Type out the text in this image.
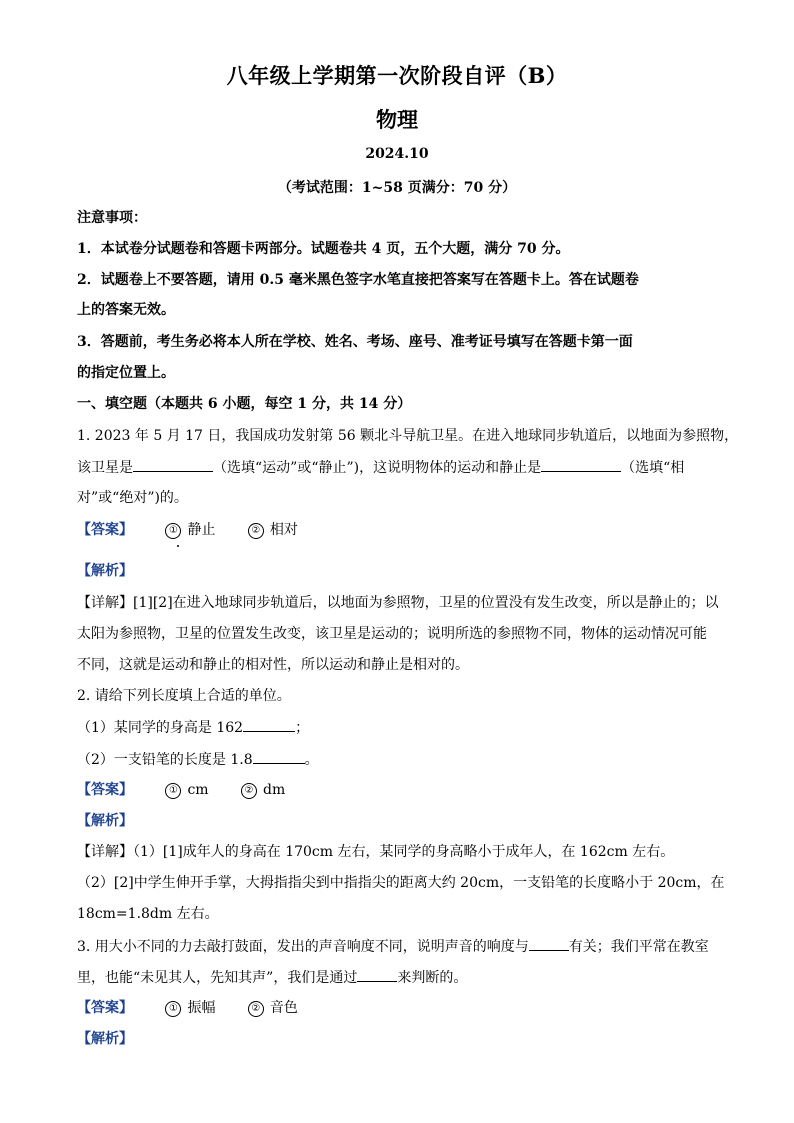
八年级上学期第一次阶段自评（B）
物理
2024.10
（考试范围：1~58 页满分：70 分）
注意事项：
1．本试卷分试题卷和答题卡两部分。试题卷共 4 页，五个大题，满分 70 分。
2．试题卷上不要答题，请用 0.5 毫米黑色签字水笔直接把答案写在答题卡上。答在试题卷
上的答案无效。
3．答题前，考生务必将本人所在学校、姓名、考场、座号、准考证号填写在答题卡第一面
的指定位置上。
一、填空题（本题共 6 小题，每空 1 分，共 14 分）
1. 2023 年 5 月 17 日，我国成功发射第 56 颗北斗导航卫星。在进入地球同步轨道后，以地面为参照物，
该卫星是	（选填“运动”或“静止”)，这说明物体的运动和静止是	（选填“相
对”或“绝对”)的。
【答案】	① 静止	② 相对
【解析】
【详解】[1][2]在进入地球同步轨道后，以地面为参照物，卫星的位置没有发生改变，所以是静止的；以
太阳为参照物，卫星的位置发生改变，该卫星是运动的；说明所选的参照物不同，物体的运动情况可能
不同，这就是运动和静止的相对性，所以运动和静止是相对的。
2. 请给下列长度填上合适的单位。
（1）某同学的身高是 162	；
（2）一支铅笔的长度是 1.8	。
【答案】	① cm	② dm
【解析】
【详解】（1）[1]成年人的身高在 170cm 左右，某同学的身高略小于成年人，在 162cm 左右。
（2）[2]中学生伸开手掌，大拇指指尖到中指指尖的距离大约 20cm，一支铅笔的长度略小于 20cm，在
18cm=1.8dm 左右。
3. 用大小不同的力去敲打鼓面，发出的声音响度不同，说明声音的响度与	有关；我们平常在教室
里，也能“未见其人，先知其声”，我们是通过	来判断的。
【答案】	① 振幅	② 音色
【解析】
